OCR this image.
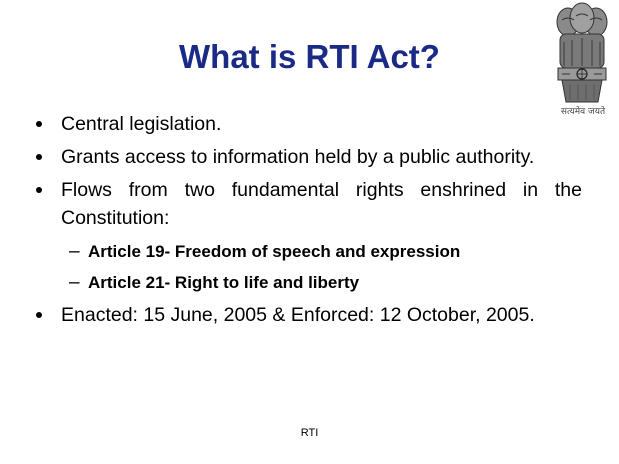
What is RTI Act?
सत्यमेव जयते
Central legislation.
Grants access to information held by a public authority.
Flows from two fundamental rights enshrined in the Constitution:
– Article 19- Freedom of speech and expression
– Article 21- Right to life and liberty
Enacted: 15 June, 2005 & Enforced: 12 October, 2005.
RTI
